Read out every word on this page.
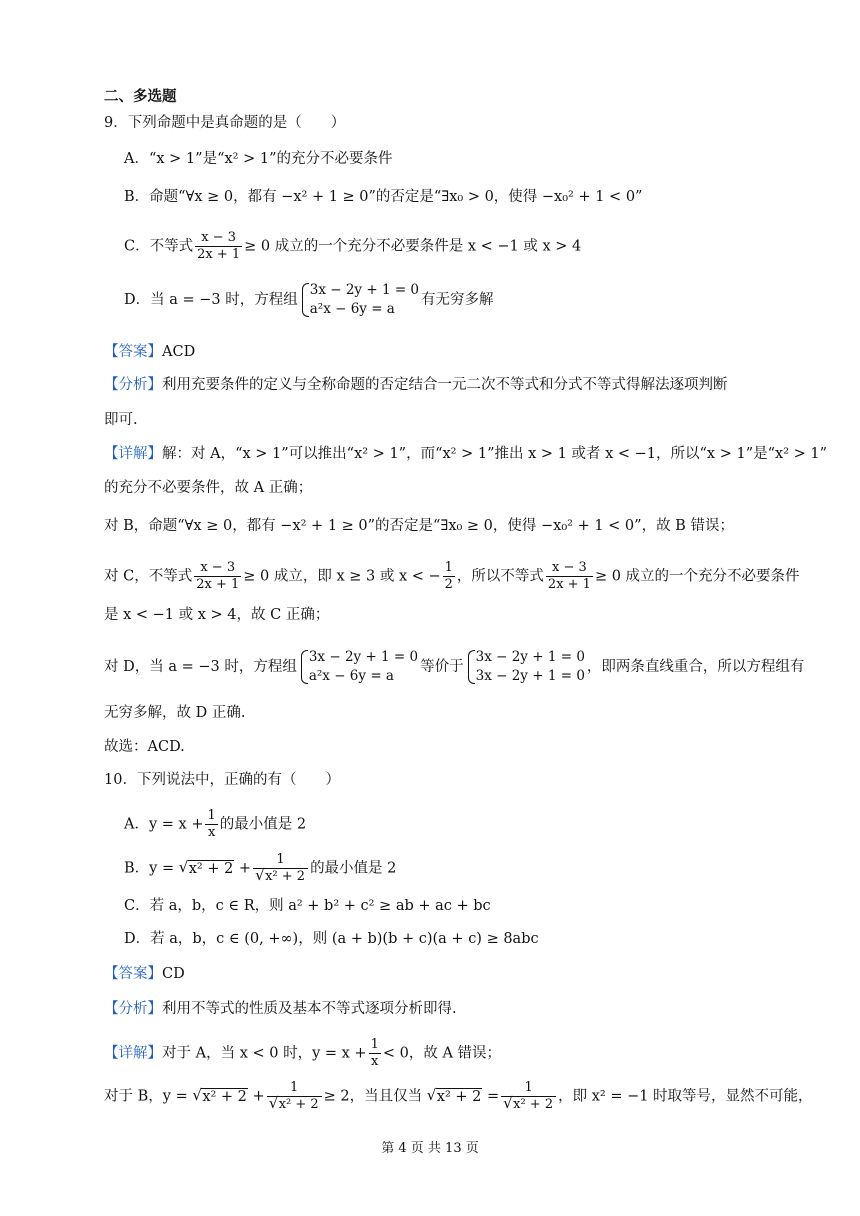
二、多选题
9．下列命题中是真命题的是（　　）
A．“x > 1”是“x² > 1”的充分不必要条件
B．命题“∀x ≥ 0，都有 −x² + 1 ≥ 0”的否定是“∃x₀ > 0，使得 −x₀² + 1 < 0”
C．不等式 $\frac{x - 3}{2x + 1} \ge 0$ 成立的一个充分不必要条件是 x < −1 或 x > 4
D．当 a = −3 时，方程组
3x − 2y + 1 = 0
a²x − 6y = a
有无穷多解
【答案】ACD
【分析】利用充要条件的定义与全称命题的否定结合一元二次不等式和分式不等式得解法逐项判断
即可.
【详解】解：对 A，“x > 1”可以推出“x² > 1”，而“x² > 1”推出 x > 1 或者 x < −1，所以“x > 1”是“x² > 1”
的充分不必要条件，故 A 正确；
对 B，命题“∀x ≥ 0，都有 −x² + 1 ≥ 0”的否定是“∃x₀ ≥ 0，使得 −x₀² + 1 < 0”，故 B 错误；
对 C，不等式 $\frac{x - 3}{2x + 1} \ge 0$ 成立，即 x ≥ 3 或 x < − $\frac{1}{2}$ ，所以不等式 $\frac{x - 3}{2x + 1} \ge 0$ 成立的一个充分不必要条件
是 x < −1 或 x > 4，故 C 正确；
对 D，当 a = −3 时，方程组
3x − 2y + 1 = 0
a²x − 6y = a
等价于
3x − 2y + 1 = 0
3x − 2y + 1 = 0
，即两条直线重合，所以方程组有
无穷多解，故 D 正确.
故选：ACD.
10．下列说法中，正确的有（　　）
A．$y = x + \frac{1}{x}$ 的最小值是 2
B．y = √ x² + 2 + 1
√ x² + 2 的最小值是 2
C．若 a，b，c ∈ R，则 a² + b² + c² ≥ ab + ac + bc
D．若 a，b，c ∈ (0, +∞)，则 (a + b)(b + c)(a + c) ≥ 8abc
【答案】CD
【分析】利用不等式的性质及基本不等式逐项分析即得.
【详解】对于 A，当 x < 0 时，$y = x + \frac{1}{x} < 0$，故 A 错误；
对于 B，y = √ x² + 2 + 1
√ x² + 2 ≥ 2，当且仅当 √ x² + 2 = 1
√ x² + 2 ，即 x² = −1 时取等号，显然不可能，
第 4 页 共 13 页
